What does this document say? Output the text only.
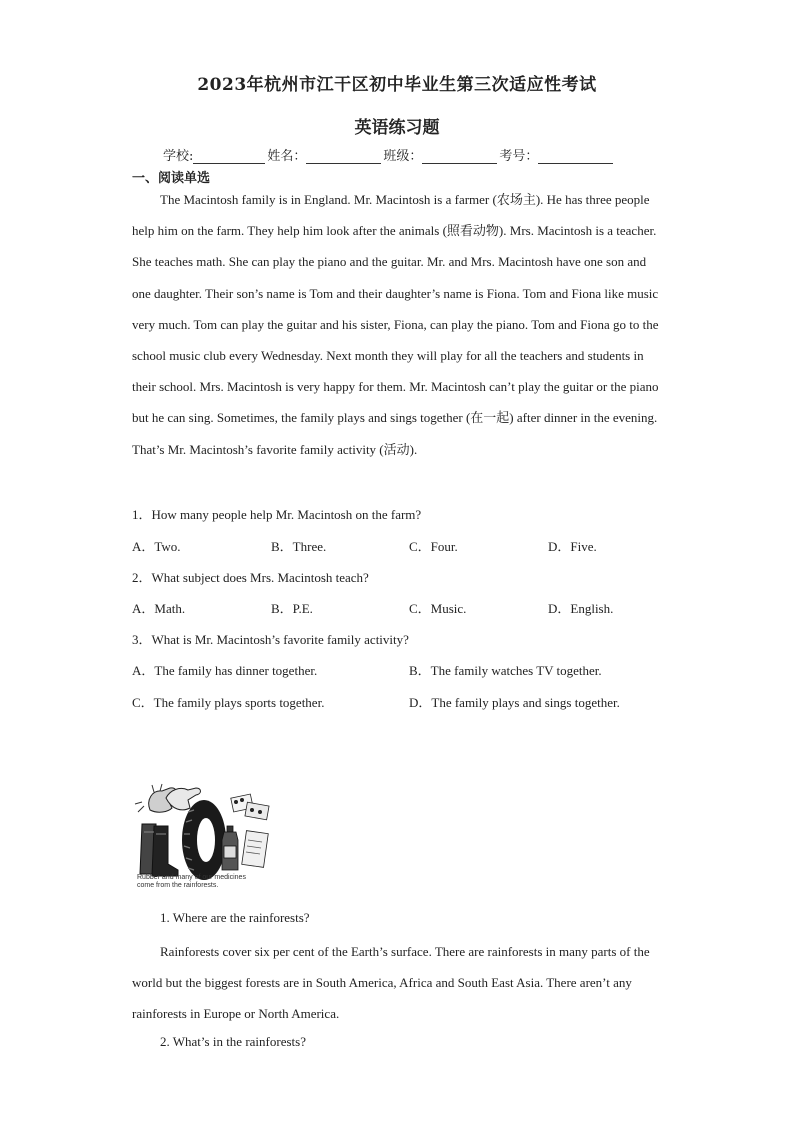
2023年杭州市江干区初中毕业生第三次适应性考试
英语练习题
学校:	姓名：	班级：	考号：
一、阅读单选

The Macintosh family is in England. Mr. Macintosh is a farmer (农场主). He has three people help him on the farm. They help him look after the animals (照看动物). Mrs. Macintosh is a teacher. She teaches math. She can play the piano and the guitar. Mr. and Mrs. Macintosh have one son and one daughter. Their son’s name is Tom and their daughter’s name is Fiona. Tom and Fiona like music very much. Tom can play the guitar and his sister, Fiona, can play the piano. Tom and Fiona go to the school music club every Wednesday. Next month they will play for all the teachers and students in their school. Mrs. Macintosh is very happy for them. Mr. Macintosh can’t play the guitar or the piano but he can sing. Sometimes, the family plays and sings together (在一起) after dinner in the evening. That’s Mr. Macintosh’s favorite family activity (活动).

1．How many people help Mr. Macintosh on the farm?
A．Two.	B．Three.	C．Four.	D．Five.
2．What subject does Mrs. Macintosh teach?
A．Math.	B．P.E.	C．Music.	D．English.
3．What is Mr. Macintosh’s favorite family activity?
A．The family has dinner together.	B．The family watches TV together.
C．The family plays sports together.	D．The family plays and sings together.
Rubber and many of our medicines come from the rainforests.
1. Where are the rainforests?

Rainforests cover six per cent of the Earth’s surface. There are rainforests in many parts of the world but the biggest forests are in South America, Africa and South East Asia. There aren’t any rainforests in Europe or North America.

2. What’s in the rainforests?
